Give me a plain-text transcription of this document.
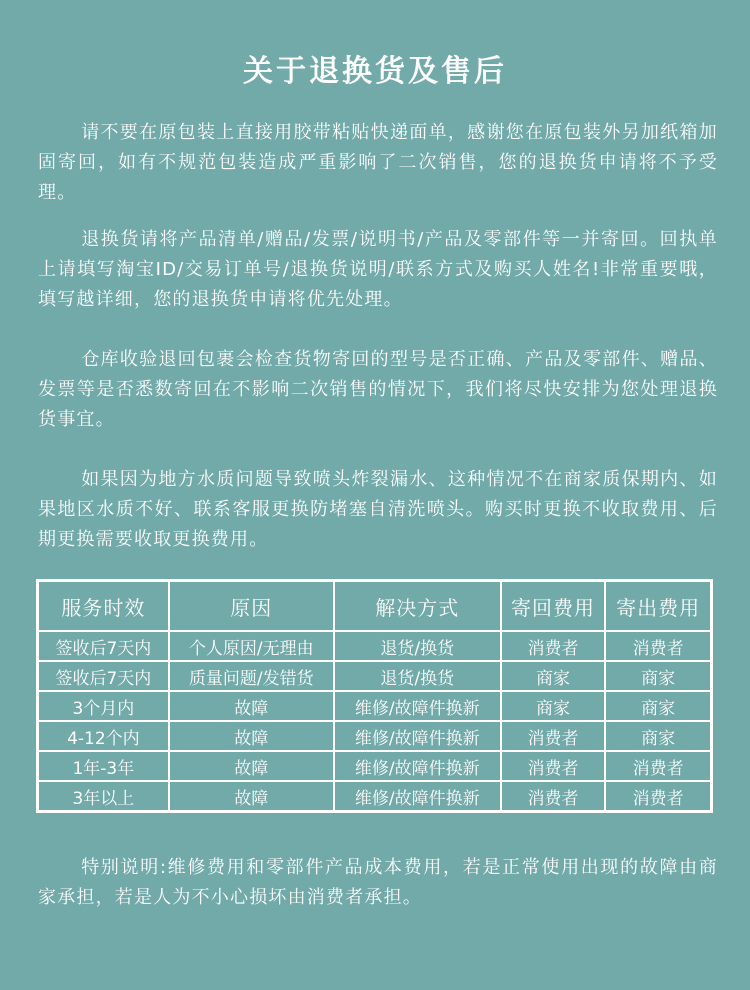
关于退换货及售后

请不要在原包装上直接用胶带粘贴快递面单，感谢您在原包装外另加纸箱加固寄回，如有不规范包装造成严重影响了二次销售，您的退换货申请将不予受理。

退换货请将产品清单/赠品/发票/说明书/产品及零部件等一并寄回。回执单上请填写淘宝ID/交易订单号/退换货说明/联系方式及购买人姓名!非常重要哦，填写越详细，您的退换货申请将优先处理。

仓库收验退回包裹会检查货物寄回的型号是否正确、产品及零部件、赠品、发票等是否悉数寄回在不影响二次销售的情况下，我们将尽快安排为您处理退换货事宜。

如果因为地方水质问题导致喷头炸裂漏水、这种情况不在商家质保期内、如果地区水质不好、联系客服更换防堵塞自清洗喷头。购买时更换不收取费用、后期更换需要收取更换费用。

服务时效	原因	解决方式	寄回费用	寄出费用
签收后7天内	个人原因/无理由	退货/换货	消费者	消费者
签收后7天内	质量问题/发错货	退货/换货	商家	商家
3个月内	故障	维修/故障件换新	商家	商家
4-12个内	故障	维修/故障件换新	消费者	商家
1年-3年	故障	维修/故障件换新	消费者	消费者
3年以上	故障	维修/故障件换新	消费者	消费者

特别说明:维修费用和零部件产品成本费用，若是正常使用出现的故障由商家承担，若是人为不小心损坏由消费者承担。
